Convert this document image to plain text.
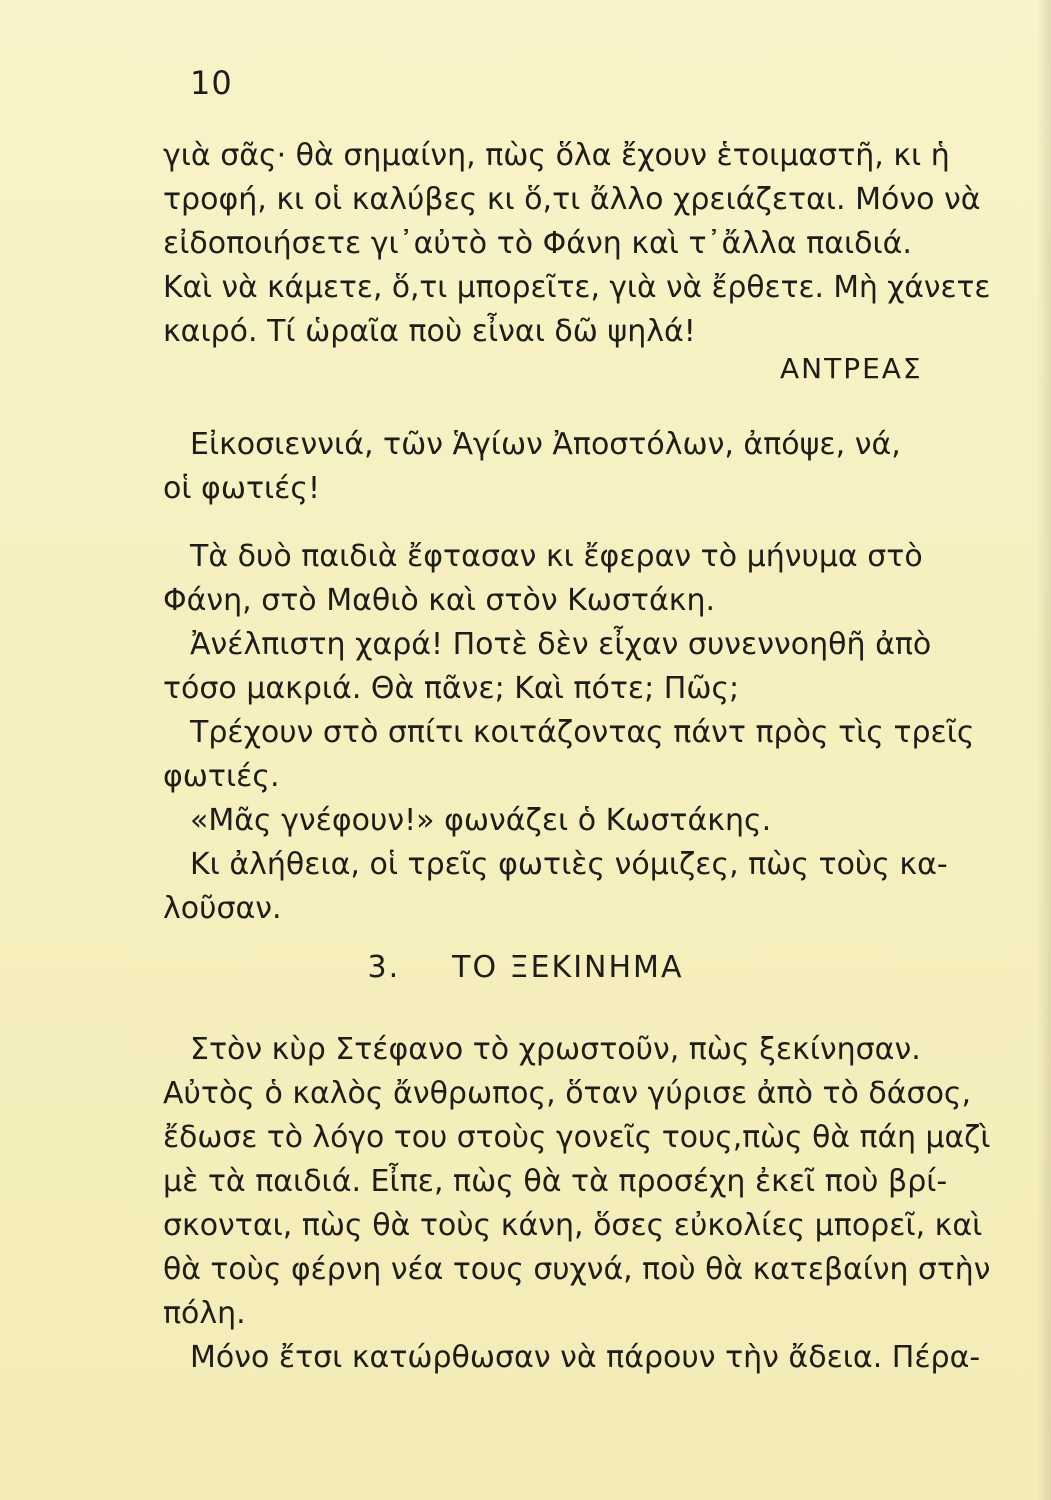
10
γιὰ σᾶς· θὰ σημαίνη, πὼς ὅλα ἔχουν ἑτοιμαστῆ, κι ἡ
τροφή, κι οἱ καλύβες κι ὅ,τι ἄλλο χρειάζεται. Μόνο νὰ
εἰδοποιήσετε γι᾽αὐτὸ τὸ Φάνη καὶ τ᾽ἄλλα παιδιά.
Καὶ νὰ κάμετε, ὅ,τι μπορεῖτε, γιὰ νὰ ἔρθετε. Μὴ χάνετε
καιρό. Τί ὡραῖα ποὺ εἶναι δῶ ψηλά!
ΑΝΤΡΕΑΣ
Εἰκοσιεννιά, τῶν Ἁγίων Ἀποστόλων, ἀπόψε, νά,
οἱ φωτιές!
Τὰ δυὸ παιδιὰ ἔφτασαν κι ἔφεραν τὸ μήνυμα στὸ
Φάνη, στὸ Μαθιὸ καὶ στὸν Κωστάκη.
Ἀνέλπιστη χαρά! Ποτὲ δὲν εἶχαν συνεννοηθῆ ἀπὸ
τόσο μακριά. Θὰ πᾶνε; Καὶ πότε; Πῶς;
Τρέχουν στὸ σπίτι κοιτάζοντας πάντ πρὸς τὶς τρεῖς
φωτιές.
«Μᾶς γνέφουν!» φωνάζει ὁ Κωστάκης.
Κι ἀλήθεια, οἱ τρεῖς φωτιὲς νόμιζες, πὼς τοὺς κα-
λοῦσαν.
3. ΤΟ ΞΕΚΙΝΗΜΑ
Στὸν κὺρ Στέφανο τὸ χρωστοῦν, πὼς ξεκίνησαν.
Αὐτὸς ὁ καλὸς ἄνθρωπος, ὅταν γύρισε ἀπὸ τὸ δάσος,
ἔδωσε τὸ λόγο του στοὺς γονεῖς τους,πὼς θὰ πάη μαζὶ
μὲ τὰ παιδιά. Εἶπε, πὼς θὰ τὰ προσέχη ἐκεῖ ποὺ βρί-
σκονται, πὼς θὰ τοὺς κάνη, ὅσες εὐκολίες μπορεῖ, καὶ
θὰ τοὺς φέρνη νέα τους συχνά, ποὺ θὰ κατεβαίνη στὴν
πόλη.
Μόνο ἔτσι κατώρθωσαν νὰ πάρουν τὴν ἄδεια. Πέρα-
